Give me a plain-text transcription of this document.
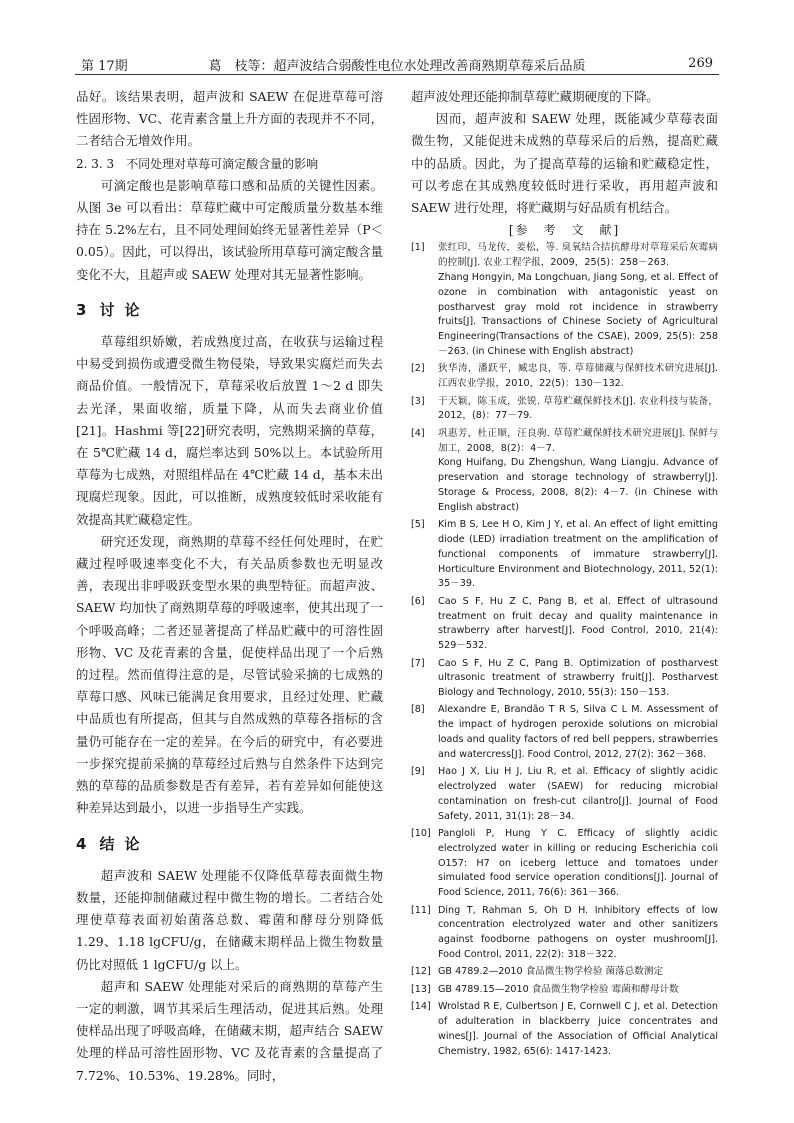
第 17期	葛　枝等：超声波结合弱酸性电位水处理改善商熟期草莓采后品质	269

品好。该结果表明，超声波和 SAEW 在促进草莓可溶性固形物、VC、花青素含量上升方面的表现并不不同，二者结合无增效作用。

2. 3. 3　不同处理对草莓可滴定酸含量的影响

可滴定酸也是影响草莓口感和品质的关键性因素。从图 3e 可以看出：草莓贮藏中可定酸质量分数基本维持在 5.2%左右，且不同处理间始终无显著性差异（P＜0.05）。因此，可以得出，该试验所用草莓可滴定酸含量变化不大，且超声或 SAEW 处理对其无显著性影响。

3 讨论

草莓组织娇嫩，若成熟度过高，在收获与运输过程中易受到损伤或遭受微生物侵染，导致果实腐烂而失去商品价值。一般情况下，草莓采收后放置 1～2 d 即失去光泽，果面收缩，质量下降，从而失去商业价值[21]。Hashmi 等[22]研究表明，完熟期采摘的草莓，在 5℃贮藏 14 d，腐烂率达到 50%以上。本试验所用草莓为七成熟，对照组样品在 4℃贮藏 14 d，基本未出现腐烂现象。因此，可以推断，成熟度较低时采收能有效提高其贮藏稳定性。

研究还发现，商熟期的草莓不经任何处理时，在贮藏过程呼吸速率变化不大，有关品质参数也无明显改善，表现出非呼吸跃变型水果的典型特征。而超声波、SAEW 均加快了商熟期草莓的呼吸速率，使其出现了一个呼吸高峰；二者还显著提高了样品贮藏中的可溶性固形物、VC 及花青素的含量，促使样品出现了一个后熟的过程。然而值得注意的是，尽管试验采摘的七成熟的草莓口感、风味已能满足食用要求，且经过处理、贮藏中品质也有所提高，但其与自然成熟的草莓各指标的含量仍可能存在一定的差异。在今后的研究中，有必要进一步探究提前采摘的草莓经过后熟与自然条件下达到完熟的草莓的品质参数是否有差异，若有差异如何能使这种差异达到最小，以进一步指导生产实践。

4 结论

超声波和 SAEW 处理能不仅降低草莓表面微生物数量，还能抑制储藏过程中微生物的增长。二者结合处理使草莓表面初始菌落总数、霉菌和酵母分别降低 1.29、1.18 lgCFU/g，在储藏末期样品上微生物数量仍比对照低 1 lgCFU/g 以上。

超声和 SAEW 处理能对采后的商熟期的草莓产生一定的刺激，调节其采后生理活动，促进其后熟。处理使样品出现了呼吸高峰，在储藏末期，超声结合 SAEW 处理的样品可溶性固形物、VC 及花青素的含量提高了 7.72%、10.53%、19.28%。同时，

超声波处理还能抑制草莓贮藏期硬度的下降。

因而，超声波和 SAEW 处理，既能减少草莓表面微生物，又能促进未成熟的草莓采后的后熟，提高贮藏中的品质。因此，为了提高草莓的运输和贮藏稳定性，可以考虑在其成熟度较低时进行采收，再用超声波和 SAEW 进行处理，将贮藏期与好品质有机结合。

[参　考　文　献]

[1]	张红印，马龙传，姜松，等. 臭氧结合拮抗酵母对草莓采后灰霉病的控制[J]. 农业工程学报，2009，25(5)：258－263.
Zhang Hongyin, Ma Longchuan, Jiang Song, et al. Effect of ozone in combination with antagonistic yeast on postharvest gray mold rot incidence in strawberry fruits[J]. Transactions of Chinese Society of Agricultural Engineering(Transactions of the CSAE), 2009, 25(5): 258－263. (in Chinese with English abstract)
[2]	狄华涛，潘跃平，臧忠良，等. 草莓储藏与保鲜技术研究进展[J]. 江西农业学报，2010，22(5)：130－132.
[3]	于天颖，陈玉成，张锐. 草莓贮藏保鲜技术[J]. 农业科技与装备，2012，(8)：77－79.
[4]	巩惠芳，杜正顺，汪良驹. 草莓贮藏保鲜技术研究进展[J]. 保鲜与加工，2008，8(2)：4－7.
Kong Huifang, Du Zhengshun, Wang Liangju. Advance of preservation and storage technology of strawberry[J]. Storage & Process, 2008, 8(2): 4－7. (in Chinese with English abstract)
[5]	Kim B S, Lee H O, Kim J Y, et al. An effect of light emitting diode (LED) irradiation treatment on the amplification of functional components of immature strawberry[J]. Horticulture Environment and Biotechnology, 2011, 52(1): 35－39.
[6]	Cao S F, Hu Z C, Pang B, et al. Effect of ultrasound treatment on fruit decay and quality maintenance in strawberry after harvest[J]. Food Control, 2010, 21(4): 529－532.
[7]	Cao S F, Hu Z C, Pang B. Optimization of postharvest ultrasonic treatment of strawberry fruit[J]. Postharvest Biology and Technology, 2010, 55(3): 150－153.
[8]	Alexandre E, Brandão T R S, Silva C L M. Assessment of the impact of hydrogen peroxide solutions on microbial loads and quality factors of red bell peppers, strawberries and watercress[J]. Food Control, 2012, 27(2): 362－368.
[9]	Hao J X, Liu H J, Liu R, et al. Efficacy of slightly acidic electrolyzed water (SAEW) for reducing microbial contamination on fresh-cut cilantro[J]. Journal of Food Safety, 2011, 31(1): 28－34.
[10] Pangloli P, Hung Y C. Efficacy of slightly acidic electrolyzed water in killing or reducing Escherichia coli O157: H7 on iceberg lettuce and tomatoes under simulated food service operation conditions[J]. Journal of Food Science, 2011, 76(6): 361－366.
[11] Ding T, Rahman S, Oh D H. Inhibitory effects of low concentration electrolyzed water and other sanitizers against foodborne pathogens on oyster mushroom[J]. Food Control, 2011, 22(2): 318－322.
[12] GB 4789.2—2010 食品微生物学检验 菌落总数测定
[13] GB 4789.15—2010 食品微生物学检验 霉菌和酵母计数
[14] Wrolstad R E, Culbertson J E, Cornwell C J, et al. Detection of adulteration in blackberry juice concentrates and wines[J]. Journal of the Association of Official Analytical Chemistry, 1982, 65(6): 1417-1423.
